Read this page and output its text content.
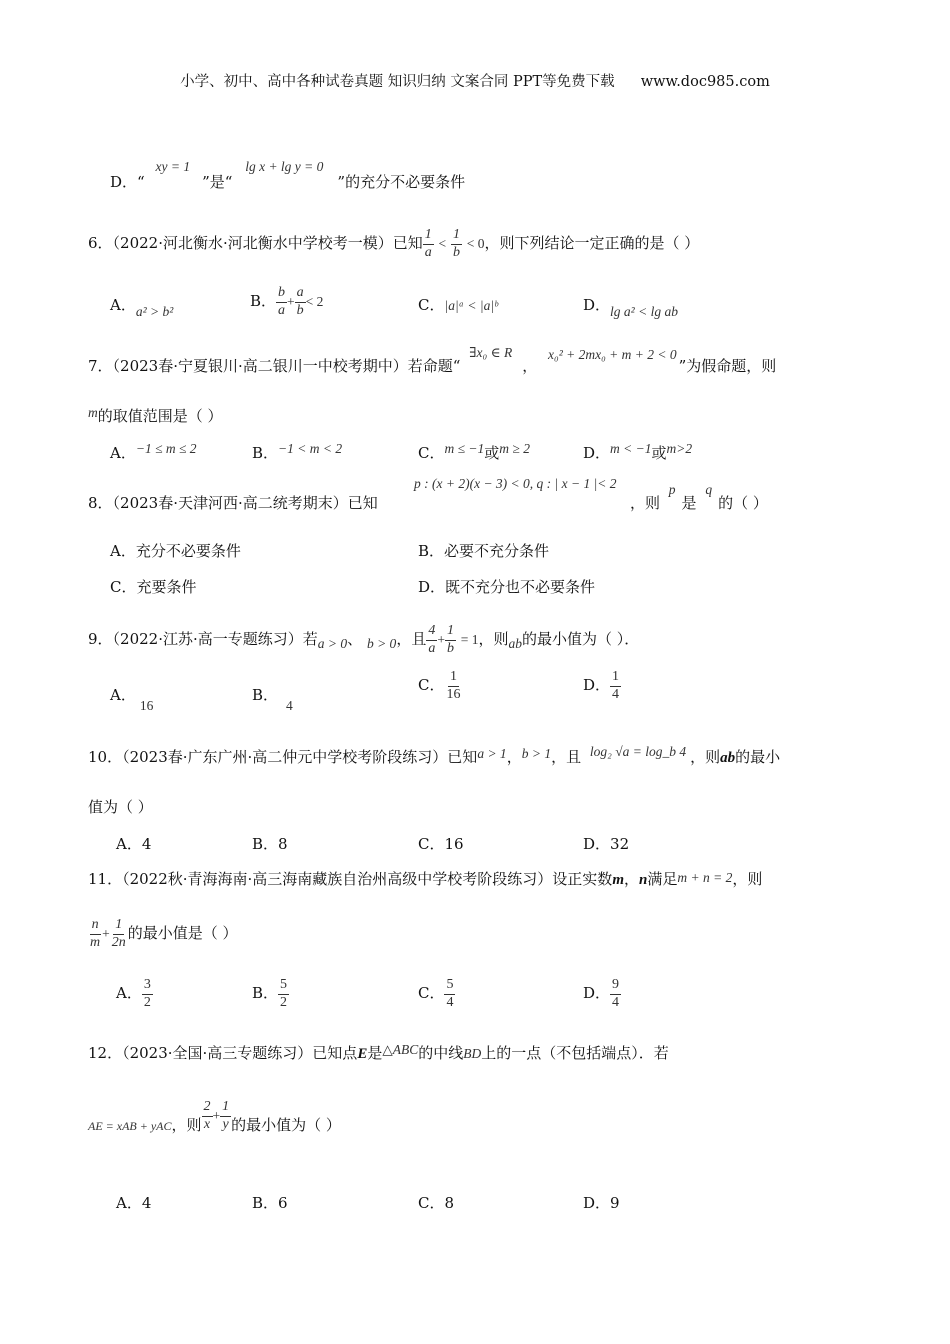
小学、初中、高中各种试卷真题 知识归纳 文案合同 PPT等免费下载 www.doc985.com
D．“ xy = 1”是“ lg x + lg y = 0”的充分不必要条件
6．（2022·河北衡水·河北衡水中学校考一模）已知 $\frac{1}{a} < \frac{1}{b} < 0$，则下列结论一定正确的是（ ）
A．a² > b²
B． $\frac{b}{a} + \frac{a}{b} < 2$	C．|a|ᵃ < |a|ᵇ	D．lg a² < lg ab
7．（2023春·宁夏银川·高二银川一中校考期中）若命题“ ∃x₀ ∈ R， x₀² + 2mx₀ + m + 2 < 0”为假命题，则
m的取值范围是（ ）
A．−1 ≤ m ≤ 2	B．−1 < m < 2	C．m ≤ −1或m ≥ 2	D．m < −1或m>2
8．（2023春·天津河西·高二统考期末）已知
p : (x + 2)(x − 3) < 0, q : | x − 1 |< 2
，则 p是 q的（ ）
A．充分不必要条件	B．必要不充分条件
C．充要条件	D．既不充分也不必要条件
9．（2022·江苏·高一专题练习）若a > 0、 b > 0，且 $\frac{4}{a} + \frac{1}{b} = 1$，则ab的最小值为（ ）．
A．16
B．4
C． $\frac{1}{16}$	D． $\frac{1}{4}$
10．（2023春·广东广州·高二仲元中学校考阶段练习）已知a > 1，b > 1，且 log₂ √a = log_b 4 ，则ab的最小
值为（ ）
A．4	B．8	C．16	D．32
11．（2022秋·青海海南·高三海南藏族自治州高级中学校考阶段练习）设正实数m，n满足m + n = 2，则
$\frac{n}{m} + \frac{1}{2n}$ 的最小值是（ ）
A． $\frac{3}{2}$	B． $\frac{5}{2}$	C． $\frac{5}{4}$	D． $\frac{9}{4}$
12．（2023·全国·高三专题练习）已知点E是△ABC的中线BD上的一点（不包括端点）．若
$_{AE = xAB + yAC}$，则 $\frac{2}{x} + \frac{1}{y}$ 的最小值为（ ）
A．4	B．6	C．8	D．9
